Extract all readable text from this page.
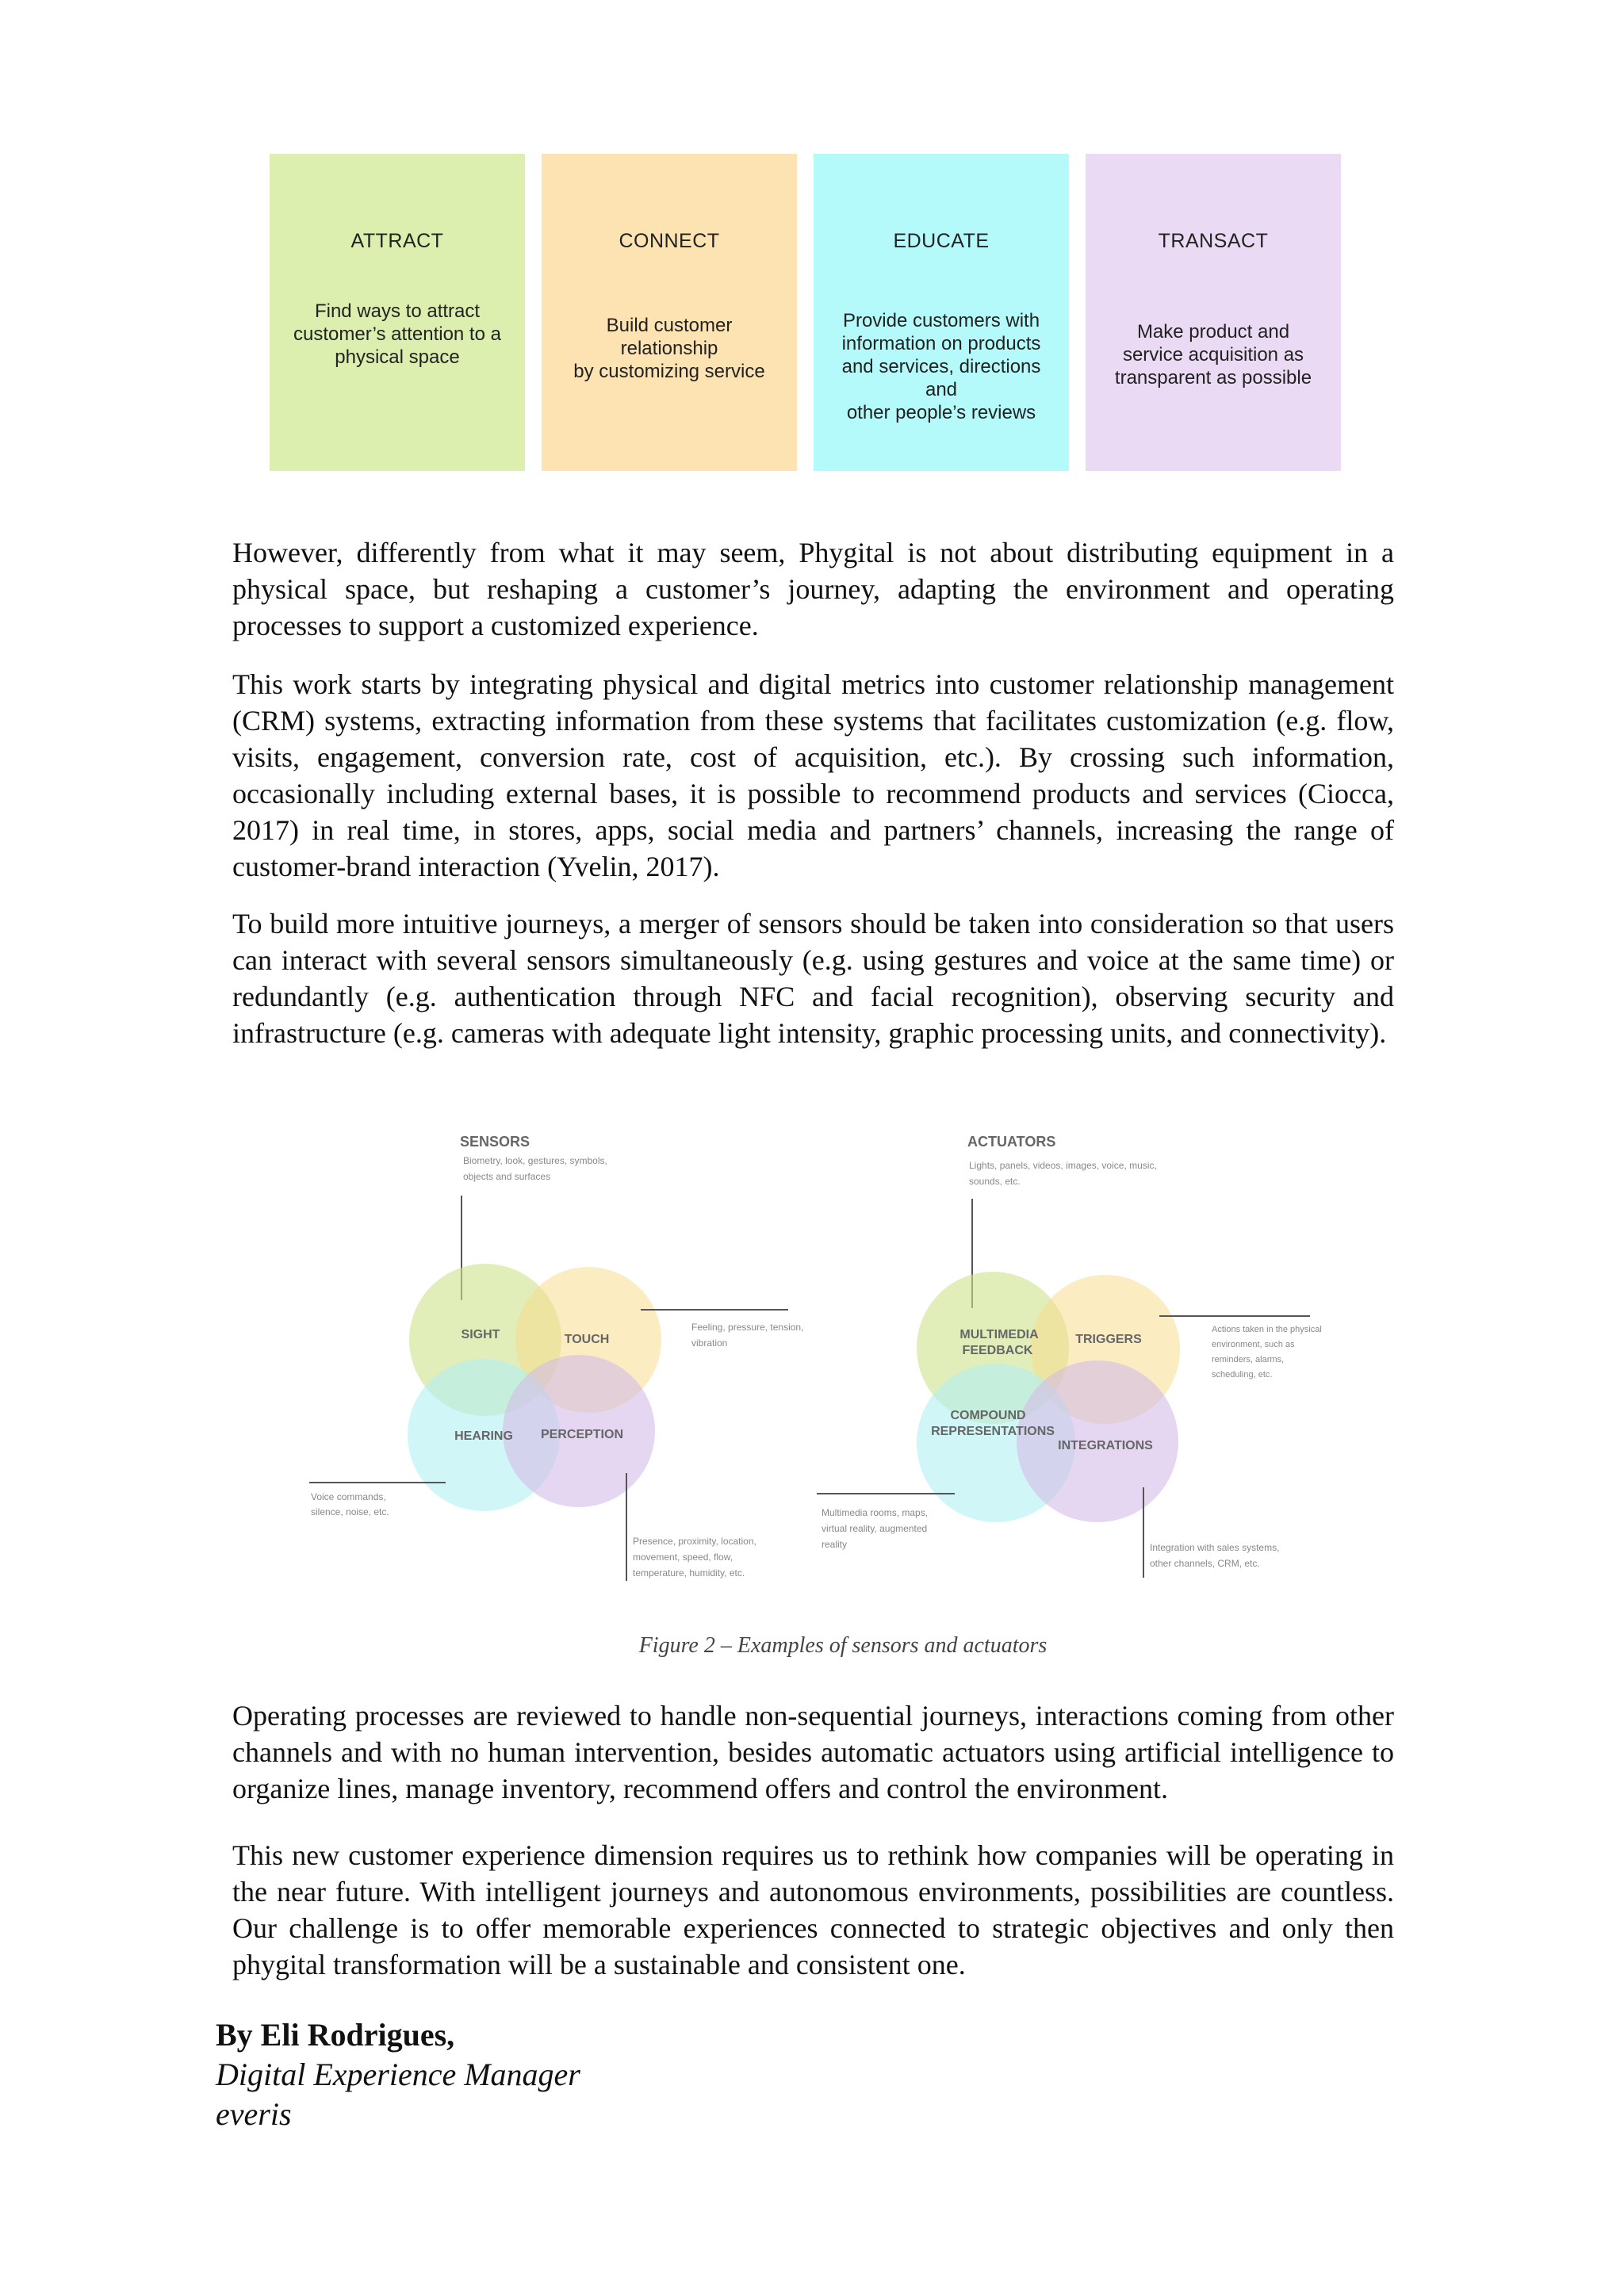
ATTRACT
Find ways to attract
customer’s attention to a
physical space
CONNECT
Build customer relationship
by customizing service
EDUCATE
Provide customers with
information on products
and services, directions and
other people’s reviews
TRANSACT
Make product and
service acquisition as
transparent as possible

However, differently from what it may seem, Phygital is not about distributing equipment in a physical space, but reshaping a customer’s journey, adapting the environment and operating processes to support a customized experience.

This work starts by integrating physical and digital metrics into customer relationship management (CRM) systems, extracting information from these systems that facilitates customization (e.g. flow, visits, engagement, conversion rate, cost of acquisition, etc.). By crossing such information, occasionally including external bases, it is possible to recommend products and services (Ciocca, 2017) in real time, in stores, apps, social media and partners’ channels, increasing the range of customer-brand interaction (Yvelin, 2017).

To build more intuitive journeys, a merger of sensors should be taken into consideration so that users can interact with several sensors simultaneously (e.g. using gestures and voice at the same time) or redundantly (e.g. authentication through NFC and facial recognition), observing security and infrastructure (e.g. cameras with adequate light intensity, graphic processing units, and connectivity).

SENSORS
Biometry, look, gestures, symbols,
objects and surfaces
SIGHT	TOUCH
HEARING PERCEPTION
Feeling, pressure, tension,
vibration
Voice commands,
silence, noise, etc.
Presence, proximity, location,
movement, speed, flow,
temperature, humidity, etc.
ACTUATORS
Lights, panels, videos, images, voice, music,
sounds, etc.
MULTIMEDIA
FEEDBACK
TRIGGERS
COMPOUND
REPRESENTATIONS
INTEGRATIONS
Actions taken in the physical
environment, such as
reminders, alarms,
scheduling, etc.
Multimedia rooms, maps,
virtual reality, augmented
reality	Integration with sales systems,
other channels, CRM, etc.
Figure 2 – Examples of sensors and actuators

Operating processes are reviewed to handle non-sequential journeys, interactions coming from other channels and with no human intervention, besides automatic actuators using artificial intelligence to organize lines, manage inventory, recommend offers and control the environment.

This new customer experience dimension requires us to rethink how companies will be operating in the near future. With intelligent journeys and autonomous environments, possibilities are countless. Our challenge is to offer memorable experiences connected to strategic objectives and only then phygital transformation will be a sustainable and consistent one.

By Eli Rodrigues,

Digital Experience Manager

everis
